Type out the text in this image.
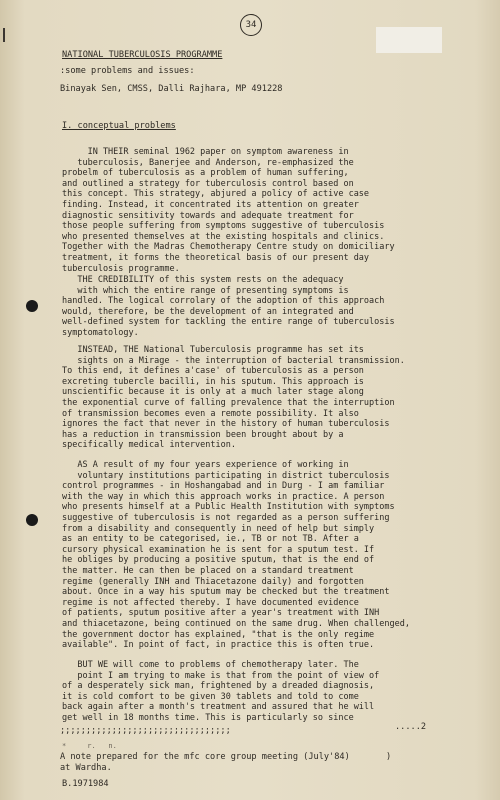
34
NATIONAL TUBERCULOSIS PROGRAMME
:some problems and issues:
Binayak Sen, CMSS, Dalli Rajhara, MP 491228
I. conceptual problems
IN THEIR seminal 1962 paper on symptom awareness in
tuberculosis, Banerjee and Anderson, re-emphasized the
probelm of tuberculosis as a problem of human suffering,
and outlined a strategy for tuberculosis control based on
this concept. This strategy, abjured a policy of active case
finding. Instead, it concentrated its attention on greater
diagnostic sensitivity towards and adequate treatment for
those people suffering from symptoms suggestive of tuberculosis
who presented themselves at the existing hospitals and clinics.
Together with the Madras Chemotherapy Centre study on domiciliary
treatment, it forms the theoretical basis of our present day
tuberculosis programme.
THE CREDIBILITY of this system rests on the adequacy
with which the entire range of presenting symptoms is
handled. The logical corrolary of the adoption of this approach
would, therefore, be the development of an integrated and
well-defined system for tackling the entire range of tuberculosis
symptomatology.
INSTEAD, THE National Tuberculosis programme has set its
sights on a Mirage - the interruption of bacterial transmission.
To this end, it defines a'case' of tuberculosis as a person
excreting tubercle bacilli, in his sputum. This approach is
unscientific because it is only at a much later stage along
the exponential curve of falling prevalence that the interruption
of transmission becomes even a remote possibility. It also
ignores the fact that never in the history of human tuberculosis
has a reduction in transmission been brought about by a
specifically medical intervention.
AS A result of my four years experience of working in
voluntary institutions participating in district tuberculosis
control programmes - in Hoshangabad and in Durg - I am familiar
with the way in which this approach works in practice. A person
who presents himself at a Public Health Institution with symptoms
suggestive of tuberculosis is not regarded as a person suffering
from a disability and consequently in need of help but simply
as an entity to be categorised, ie., TB or not TB. After a
cursory physical examination he is sent for a sputum test. If
he obliges by producing a positive sputum, that is the end of
the matter. He can then be placed on a standard treatment
regime (generally INH and Thiacetazone daily) and forgotten
about. Once in a way his sputum may be checked but the treatment
regime is not affected thereby. I have documented evidence
of patients, sputum positive after a year's treatment with INH
and thiacetazone, being continued on the same drug. When challenged,
the government doctor has explained, "that is the only regime
available". In point of fact, in practice this is often true.
BUT WE will come to problems of chemotherapy later. The
point I am trying to make is that from the point of view of
of a desperately sick man, frightened by a dreaded diagnosis,
it is cold comfort to be given 30 tablets and told to come
back again after a month's treatment and assured that he will
get well in 18 months time. This is particularly so since
;;;;;;;;;;;;;;;;;;;;;;;;;;;;;;;;;	.....2
*     r.   n.
A note prepared for the mfc core group meeting (July'84)       )
at Wardha.
B.1971984
